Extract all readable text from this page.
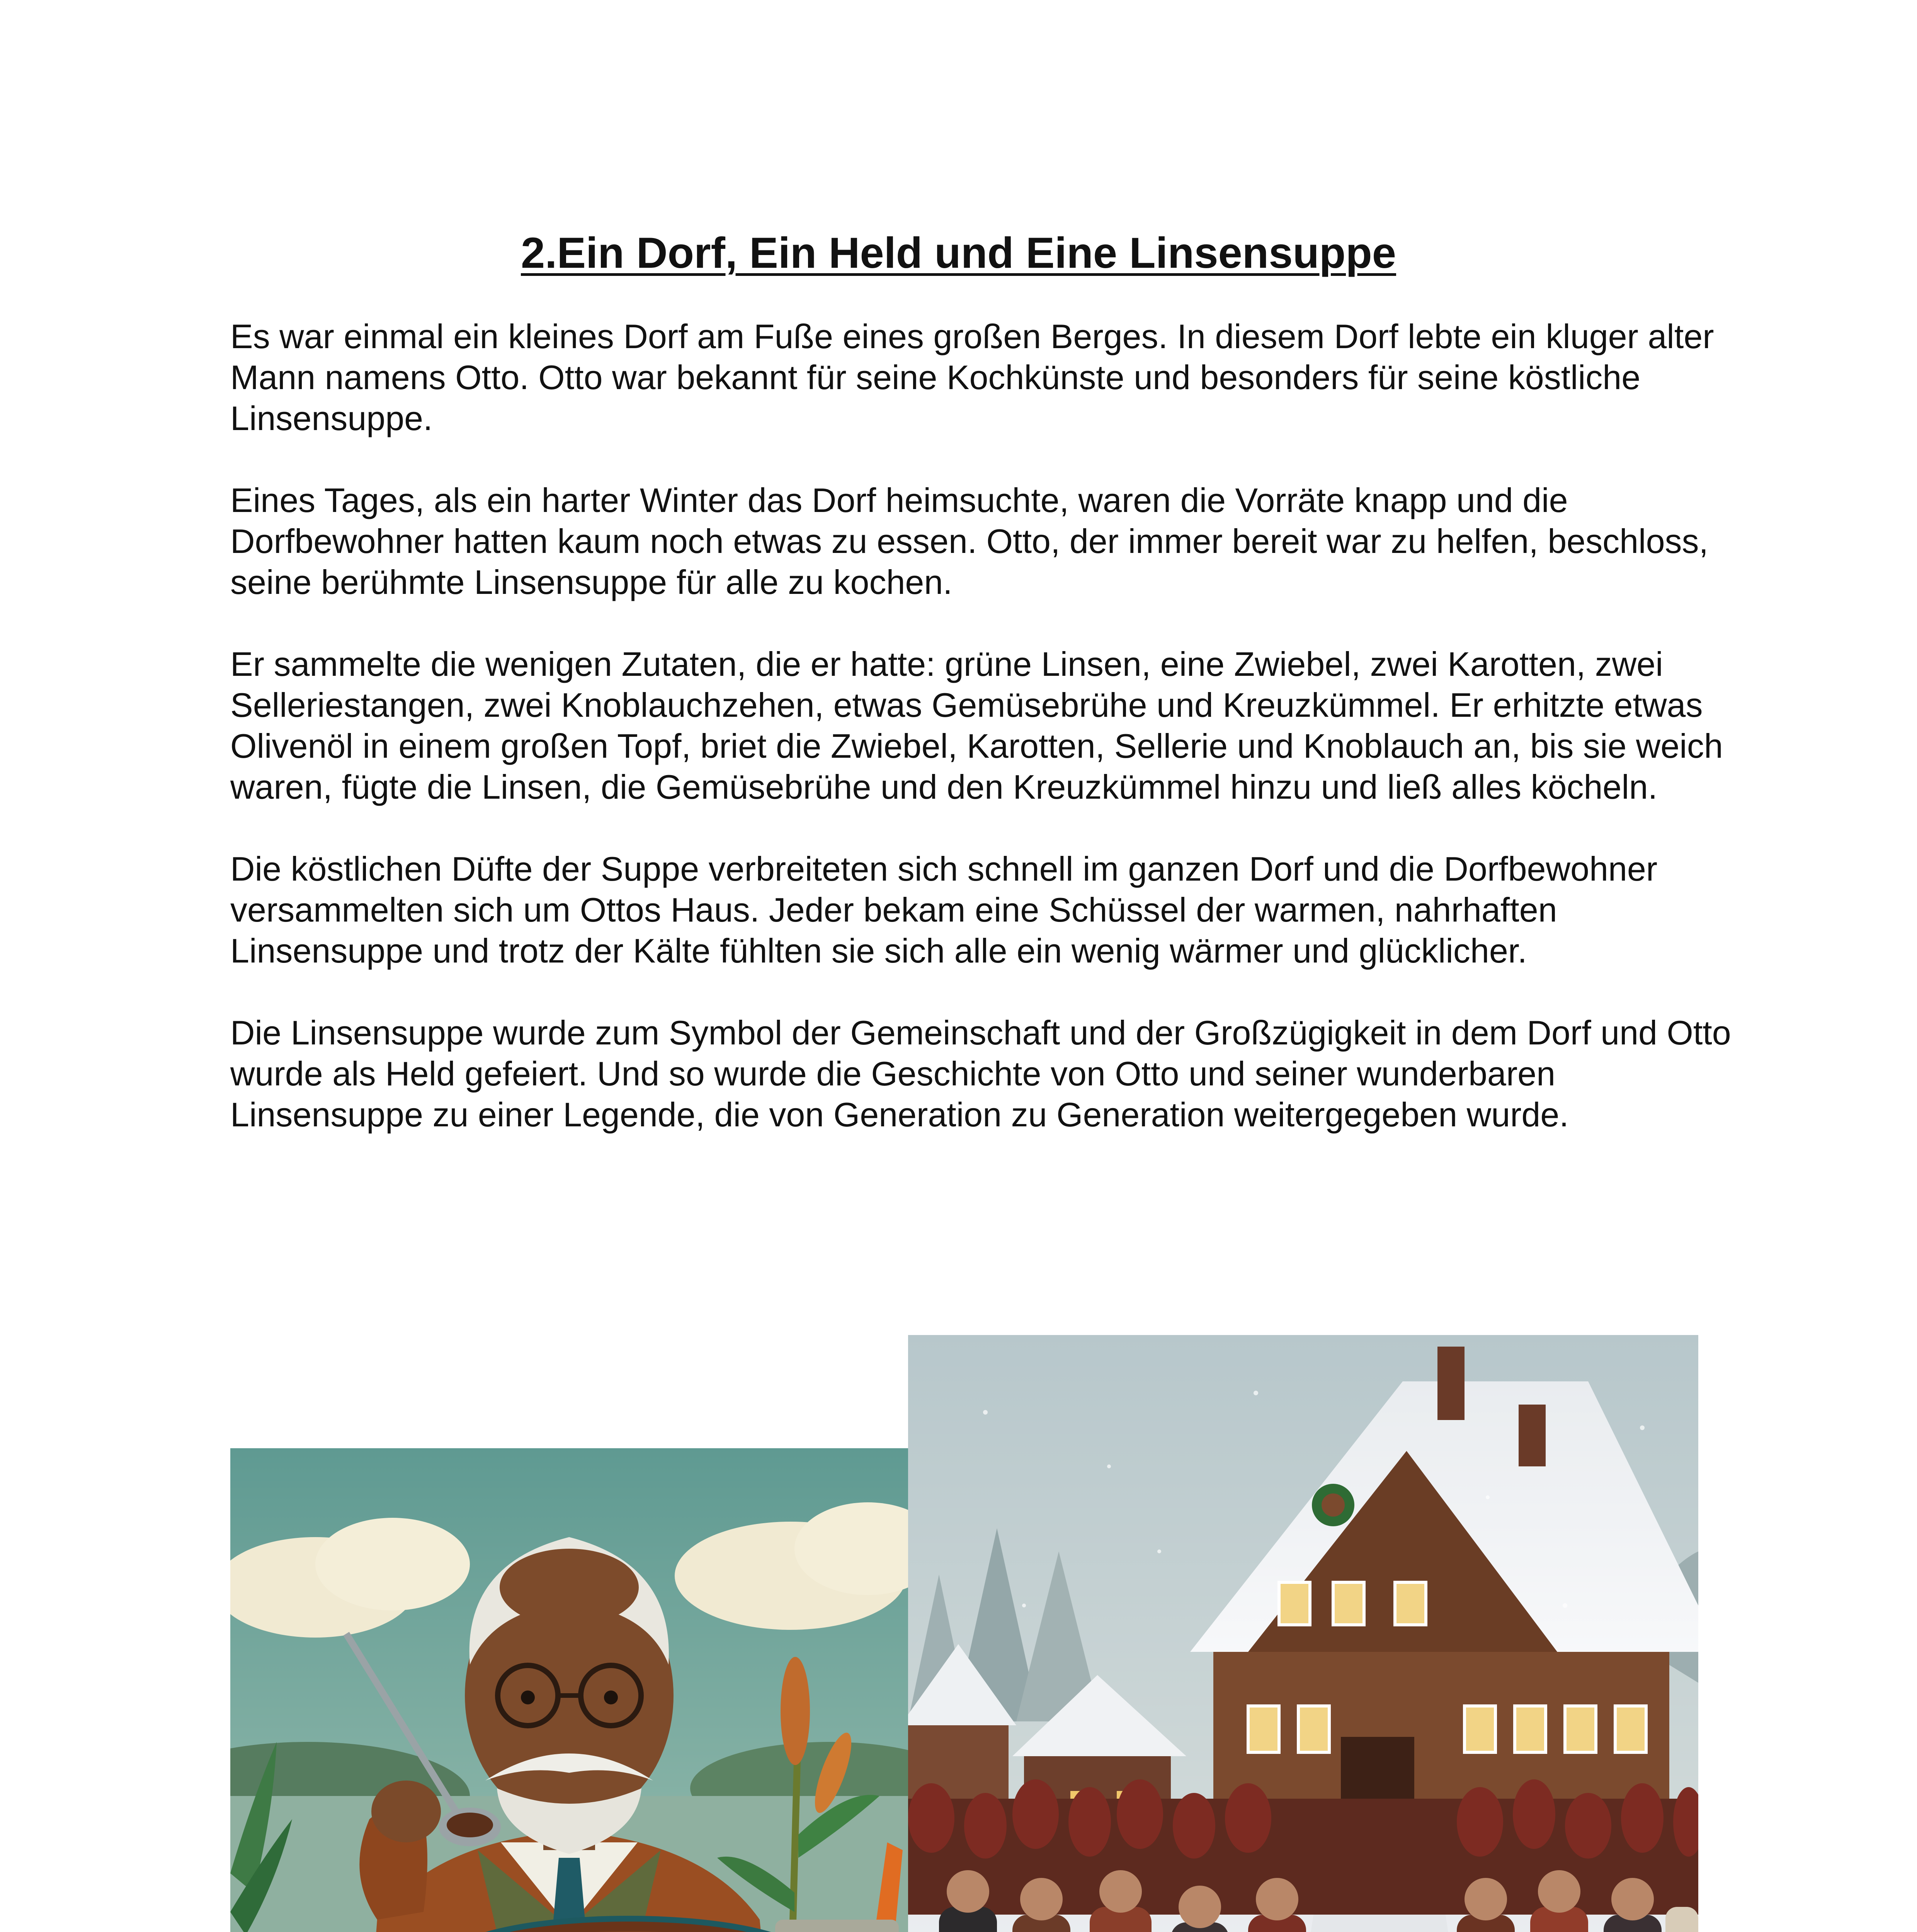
2.Ein Dorf, Ein Held und Eine Linsensuppe

Es war einmal ein kleines Dorf am Fuße eines großen Berges. In diesem Dorf lebte ein kluger alter Mann namens Otto. Otto war bekannt für seine Kochkünste und besonders für seine köstliche Linsensuppe.

Eines Tages, als ein harter Winter das Dorf heimsuchte, waren die Vorräte knapp und die Dorfbewohner hatten kaum noch etwas zu essen. Otto, der immer bereit war zu helfen, beschloss, seine berühmte Linsensuppe für alle zu kochen.

Er sammelte die wenigen Zutaten, die er hatte: grüne Linsen, eine Zwiebel, zwei Karotten, zwei Selleriestangen, zwei Knoblauchzehen, etwas Gemüsebrühe und Kreuzkümmel. Er erhitzte etwas Olivenöl in einem großen Topf, briet die Zwiebel, Karotten, Sellerie und Knoblauch an, bis sie weich waren, fügte die Linsen, die Gemüsebrühe und den Kreuzkümmel hinzu und ließ alles köcheln.

Die köstlichen Düfte der Suppe verbreiteten sich schnell im ganzen Dorf und die Dorfbewohner versammelten sich um Ottos Haus. Jeder bekam eine Schüssel der warmen, nahrhaften Linsensuppe und trotz der Kälte fühlten sie sich alle ein wenig wärmer und glücklicher.

Die Linsensuppe wurde zum Symbol der Gemeinschaft und der Großzügigkeit in dem Dorf und Otto wurde als Held gefeiert. Und so wurde die Geschichte von Otto und seiner wunderbaren Linsensuppe zu einer Legende, die von Generation zu Generation weitergegeben wurde.
